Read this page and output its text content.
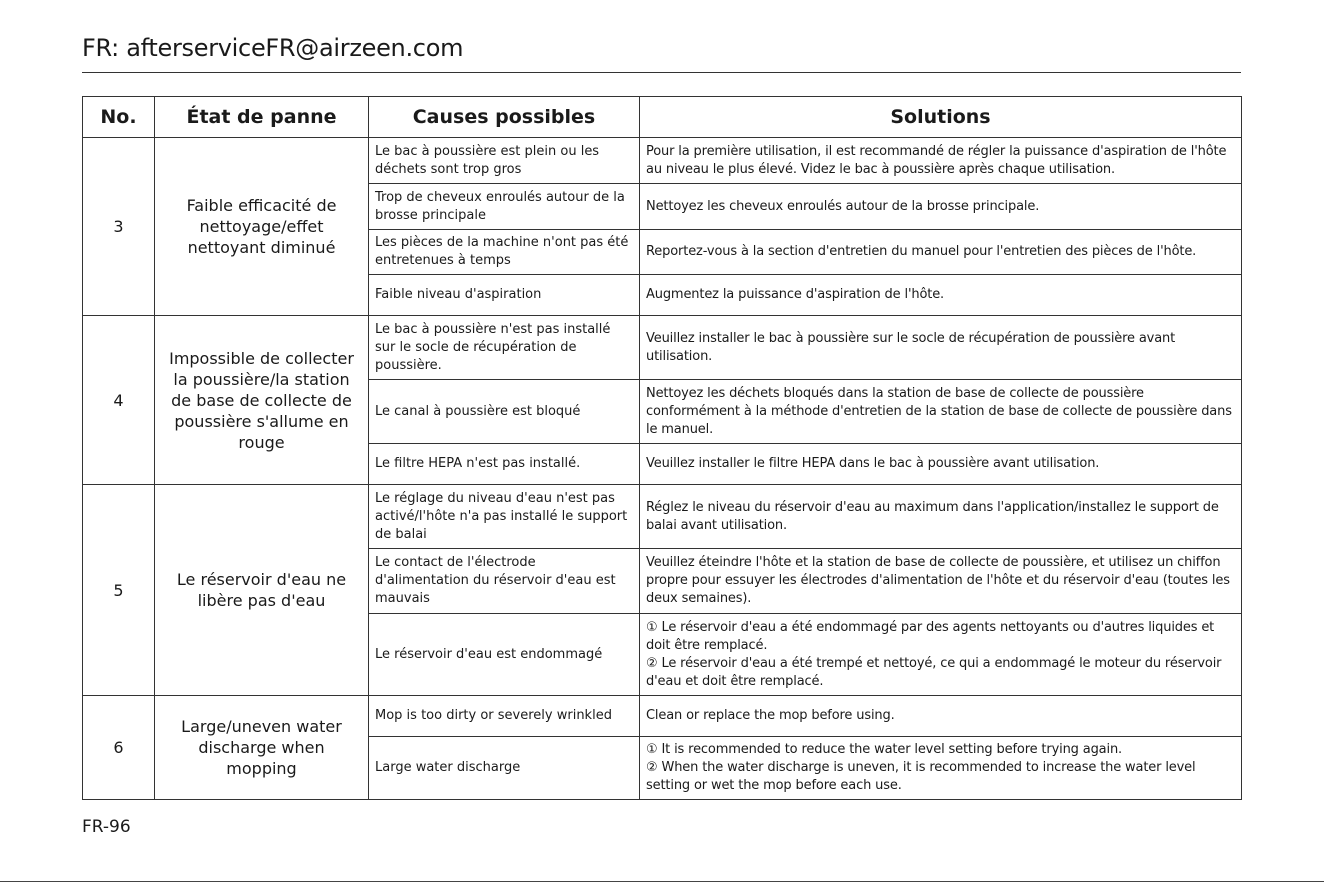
FR: afterserviceFR@airzeen.com
No.	État de panne	Causes possibles	Solutions
3	Faible efficacité de nettoyage/effet nettoyant diminué	Le bac à poussière est plein ou les déchets sont trop gros	Pour la première utilisation, il est recommandé de régler la puissance d'aspiration de l'hôte au niveau le plus élevé. Videz le bac à poussière après chaque utilisation.
		Trop de cheveux enroulés autour de la brosse principale	Nettoyez les cheveux enroulés autour de la brosse principale.
		Les pièces de la machine n'ont pas été entretenues à temps	Reportez-vous à la section d'entretien du manuel pour l'entretien des pièces de l'hôte.
		Faible niveau d'aspiration	Augmentez la puissance d'aspiration de l'hôte.
4	Impossible de collecter la poussière/la station de base de collecte de poussière s'allume en rouge	Le bac à poussière n'est pas installé sur le socle de récupération de poussière.	Veuillez installer le bac à poussière sur le socle de récupération de poussière avant utilisation.
		Le canal à poussière est bloqué	Nettoyez les déchets bloqués dans la station de base de collecte de poussière conformément à la méthode d'entretien de la station de base de collecte de poussière dans le manuel.
		Le filtre HEPA n'est pas installé.	Veuillez installer le filtre HEPA dans le bac à poussière avant utilisation.
5	Le réservoir d'eau ne libère pas d'eau	Le réglage du niveau d'eau n'est pas activé/l'hôte n'a pas installé le support de balai	Réglez le niveau du réservoir d'eau au maximum dans l'application/installez le support de balai avant utilisation.
		Le contact de l'électrode d'alimentation du réservoir d'eau est mauvais	Veuillez éteindre l'hôte et la station de base de collecte de poussière, et utilisez un chiffon propre pour essuyer les électrodes d'alimentation de l'hôte et du réservoir d'eau (toutes les deux semaines).
		Le réservoir d'eau est endommagé	① Le réservoir d'eau a été endommagé par des agents nettoyants ou d'autres liquides et doit être remplacé.
② Le réservoir d'eau a été trempé et nettoyé, ce qui a endommagé le moteur du réservoir d'eau et doit être remplacé.

6	Large/uneven water discharge when mopping	Mop is too dirty or severely wrinkled	Clean or replace the mop before using.
		Large water discharge	① It is recommended to reduce the water level setting before trying again.
② When the water discharge is uneven, it is recommended to increase the water level setting or wet the mop before each use.
FR-96
